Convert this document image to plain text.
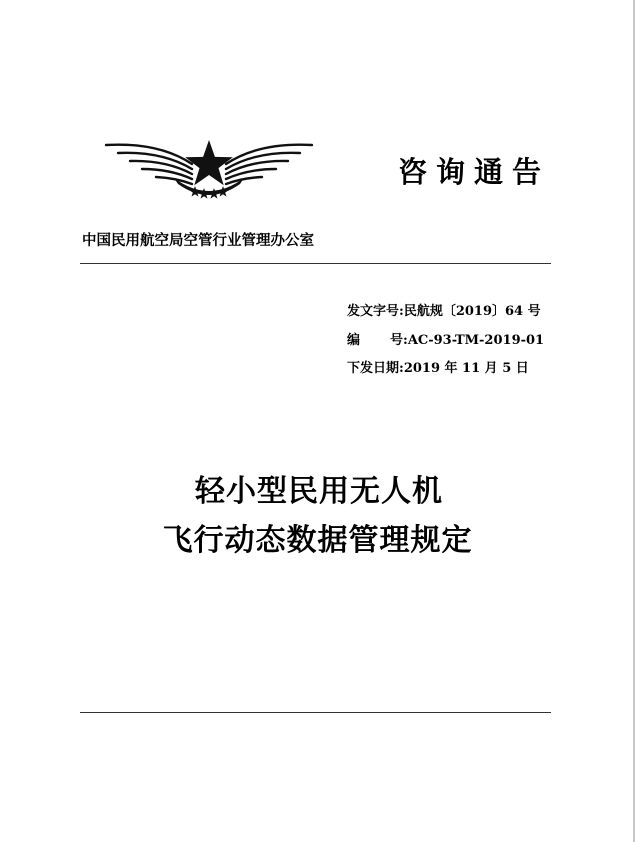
咨询通告
中国民用航空局空管行业管理办公室
发文字号 : 民航规〔2019〕64 号
编号 : AC-93-TM-2019-01
下发日期 : 2019 年 11 月 5 日
轻小型民用无人机
飞行动态数据管理规定
